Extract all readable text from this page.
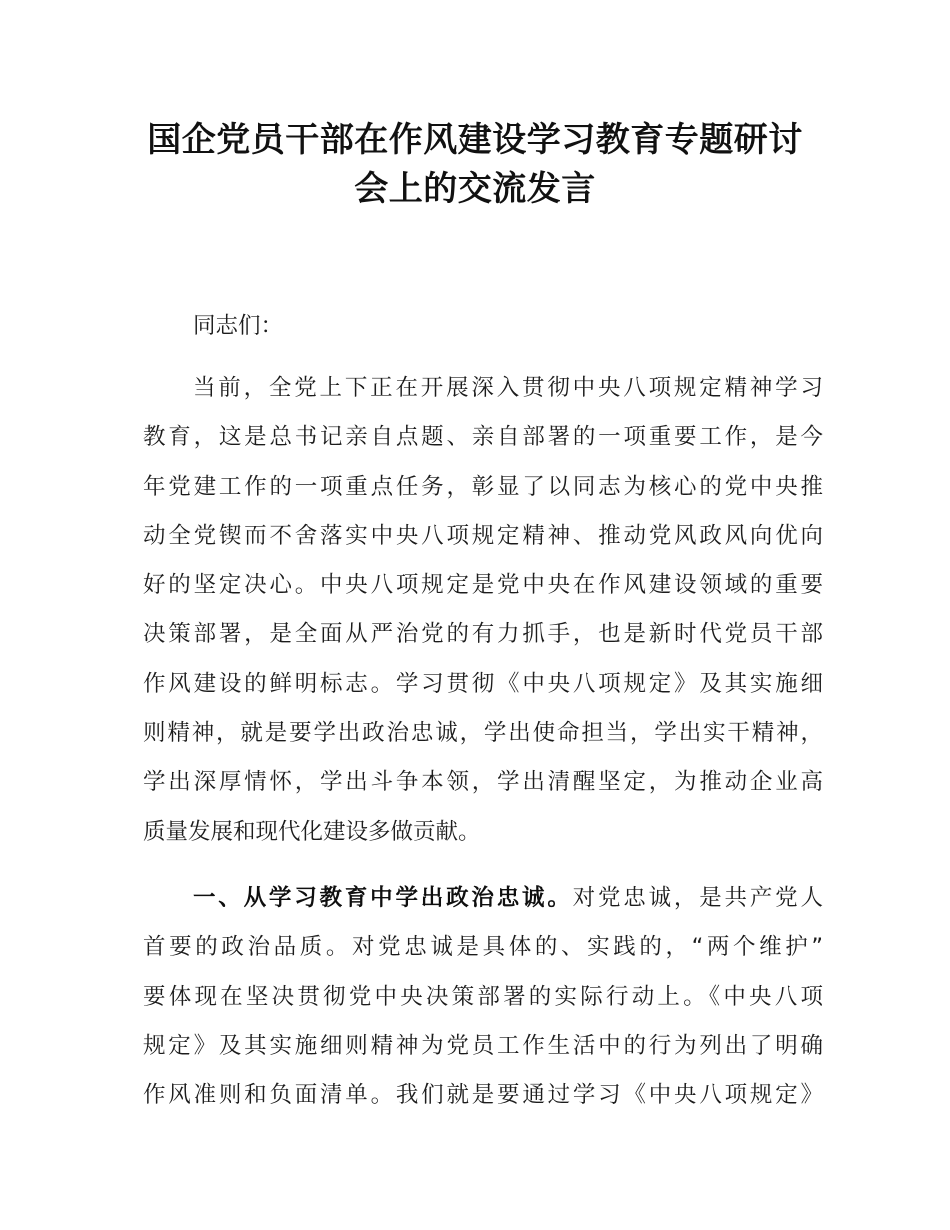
国企党员干部在作风建设学习教育专题研讨
会上的交流发言
同志们：
当前，全党上下正在开展深入贯彻中央八项规定精神学习
教育，这是总书记亲自点题、亲自部署的一项重要工作，是今
年党建工作的一项重点任务，彰显了以同志为核心的党中央推
动全党锲而不舍落实中央八项规定精神、推动党风政风向优向
好的坚定决心。中央八项规定是党中央在作风建设领域的重要
决策部署，是全面从严治党的有力抓手，也是新时代党员干部
作风建设的鲜明标志。学习贯彻《中央八项规定》及其实施细
则精神，就是要学出政治忠诚，学出使命担当，学出实干精神，
学出深厚情怀，学出斗争本领，学出清醒坚定，为推动企业高
质量发展和现代化建设多做贡献。
一、从学习教育中学出政治忠诚。对党忠诚，是共产党人
首要的政治品质。对党忠诚是具体的、实践的，“两个维护”
要体现在坚决贯彻党中央决策部署的实际行动上。《中央八项
规定》及其实施细则精神为党员工作生活中的行为列出了明确
作风准则和负面清单。我们就是要通过学习《中央八项规定》
